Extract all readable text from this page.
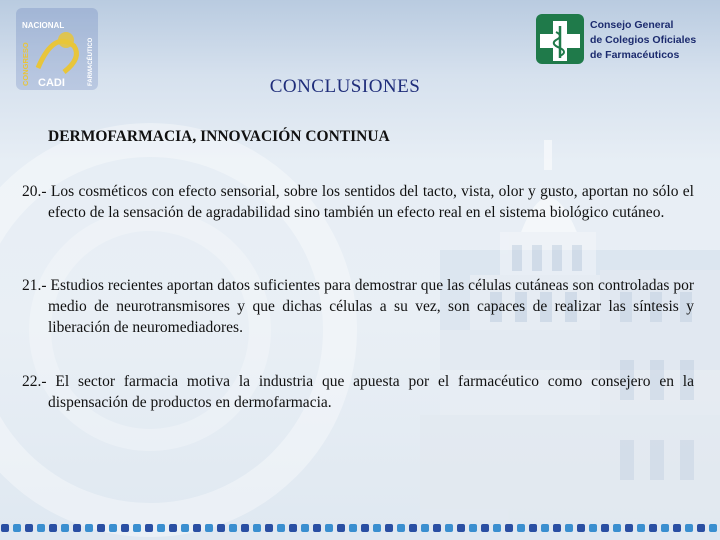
NACIONAL
CONGRESO	FARMACÉUTICO
CADI
Consejo General
de Colegios Oficiales
de Farmacéuticos
CONCLUSIONES
DERMOFARMACIA, INNOVACIÓN CONTINUA
20.- Los cosméticos con efecto sensorial, sobre los sentidos del tacto, vista, olor y gusto, aportan no sólo el efecto de la sensación de agradabilidad sino también un efecto real en el sistema biológico cutáneo.
21.- Estudios recientes aportan datos suficientes para demostrar que las células cutáneas son controladas por medio de neurotransmisores y que dichas células a su vez, son capaces de realizar las síntesis y liberación de neuromediadores.
22.- El sector farmacia motiva la industria que apuesta por el farmacéutico como consejero en la dispensación de productos en dermofarmacia.
